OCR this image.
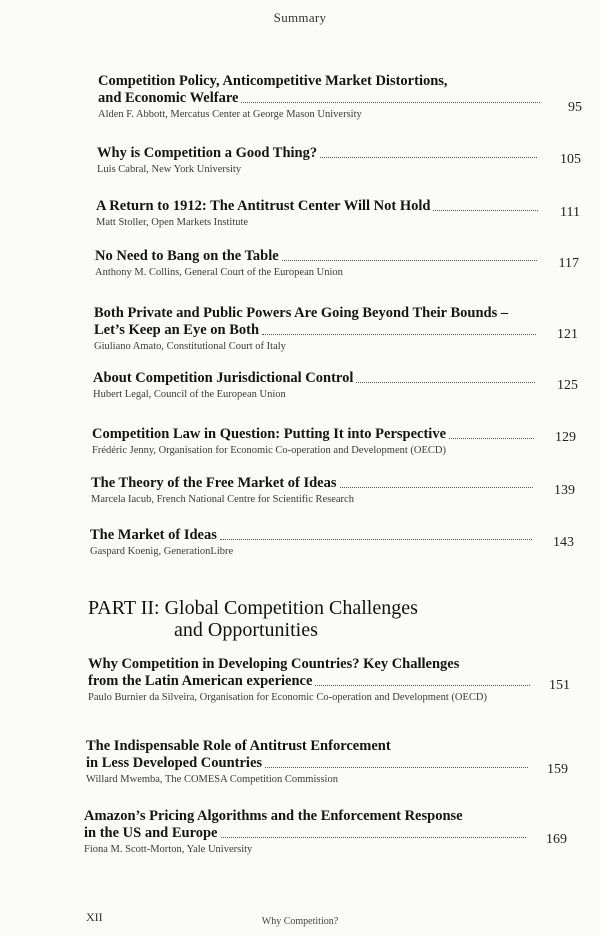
Summary
Competition Policy, Anticompetitive Market Distortions,
and Economic Welfare
Alden F. Abbott, Mercatus Center at George Mason University	95
Why is Competition a Good Thing?
Luis Cabral, New York University
105
A Return to 1912: The Antitrust Center Will Not Hold
Matt Stoller, Open Markets Institute
111
No Need to Bang on the Table
Anthony M. Collins, General Court of the European Union
117
Both Private and Public Powers Are Going Beyond Their Bounds –
Let’s Keep an Eye on Both
Giuliano Amato, Constitutional Court of Italy
121
About Competition Jurisdictional Control
Hubert Legal, Council of the European Union
125
Competition Law in Question: Putting It into Perspective
Frédéric Jenny, Organisation for Economic Co-operation and Development (OECD)
129
The Theory of the Free Market of Ideas
Marcela Iacub, French National Centre for Scientific Research
139
The Market of Ideas
Gaspard Koenig, GenerationLibre
143
PART II: Global Competition Challenges
and Opportunities
Why Competition in Developing Countries? Key Challenges
from the Latin American experience
Paulo Burnier da Silveira, Organisation for Economic Co-operation and Development (OECD)
151
The Indispensable Role of Antitrust Enforcement
in Less Developed Countries
Willard Mwemba, The COMESA Competition Commission
159
Amazon’s Pricing Algorithms and the Enforcement Response
in the US and Europe
Fiona M. Scott-Morton, Yale University
169
XII	Why Competition?
